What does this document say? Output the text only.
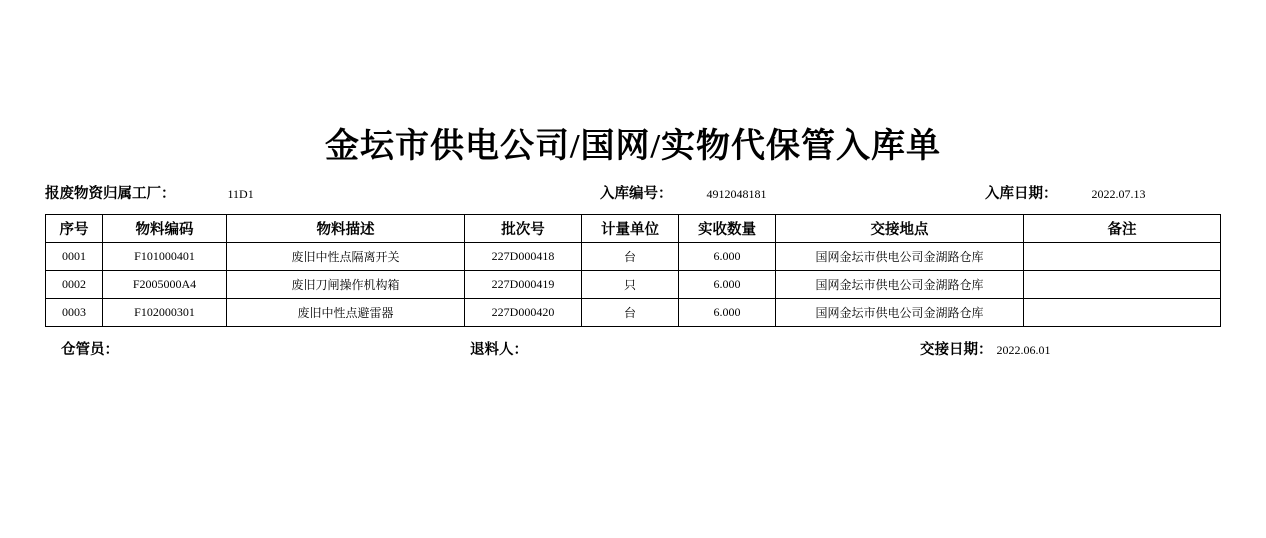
金坛市供电公司/国网/实物代保管入库单
报废物资归属工厂：	11D1	入库编号：	4912048181	入库日期：	2022.07.13
序号	物料编码	物料描述	批次号	计量单位	实收数量	交接地点	备注
0001	F101000401	废旧中性点隔离开关	227D000418	台	6.000	国网金坛市供电公司金湖路仓库	
0002	F2005000A4	废旧刀闸操作机构箱	227D000419	只	6.000	国网金坛市供电公司金湖路仓库	
0003	F102000301	废旧中性点避雷器	227D000420	台	6.000	国网金坛市供电公司金湖路仓库	
仓管员：	退料人：	交接日期： 2022.06.01
